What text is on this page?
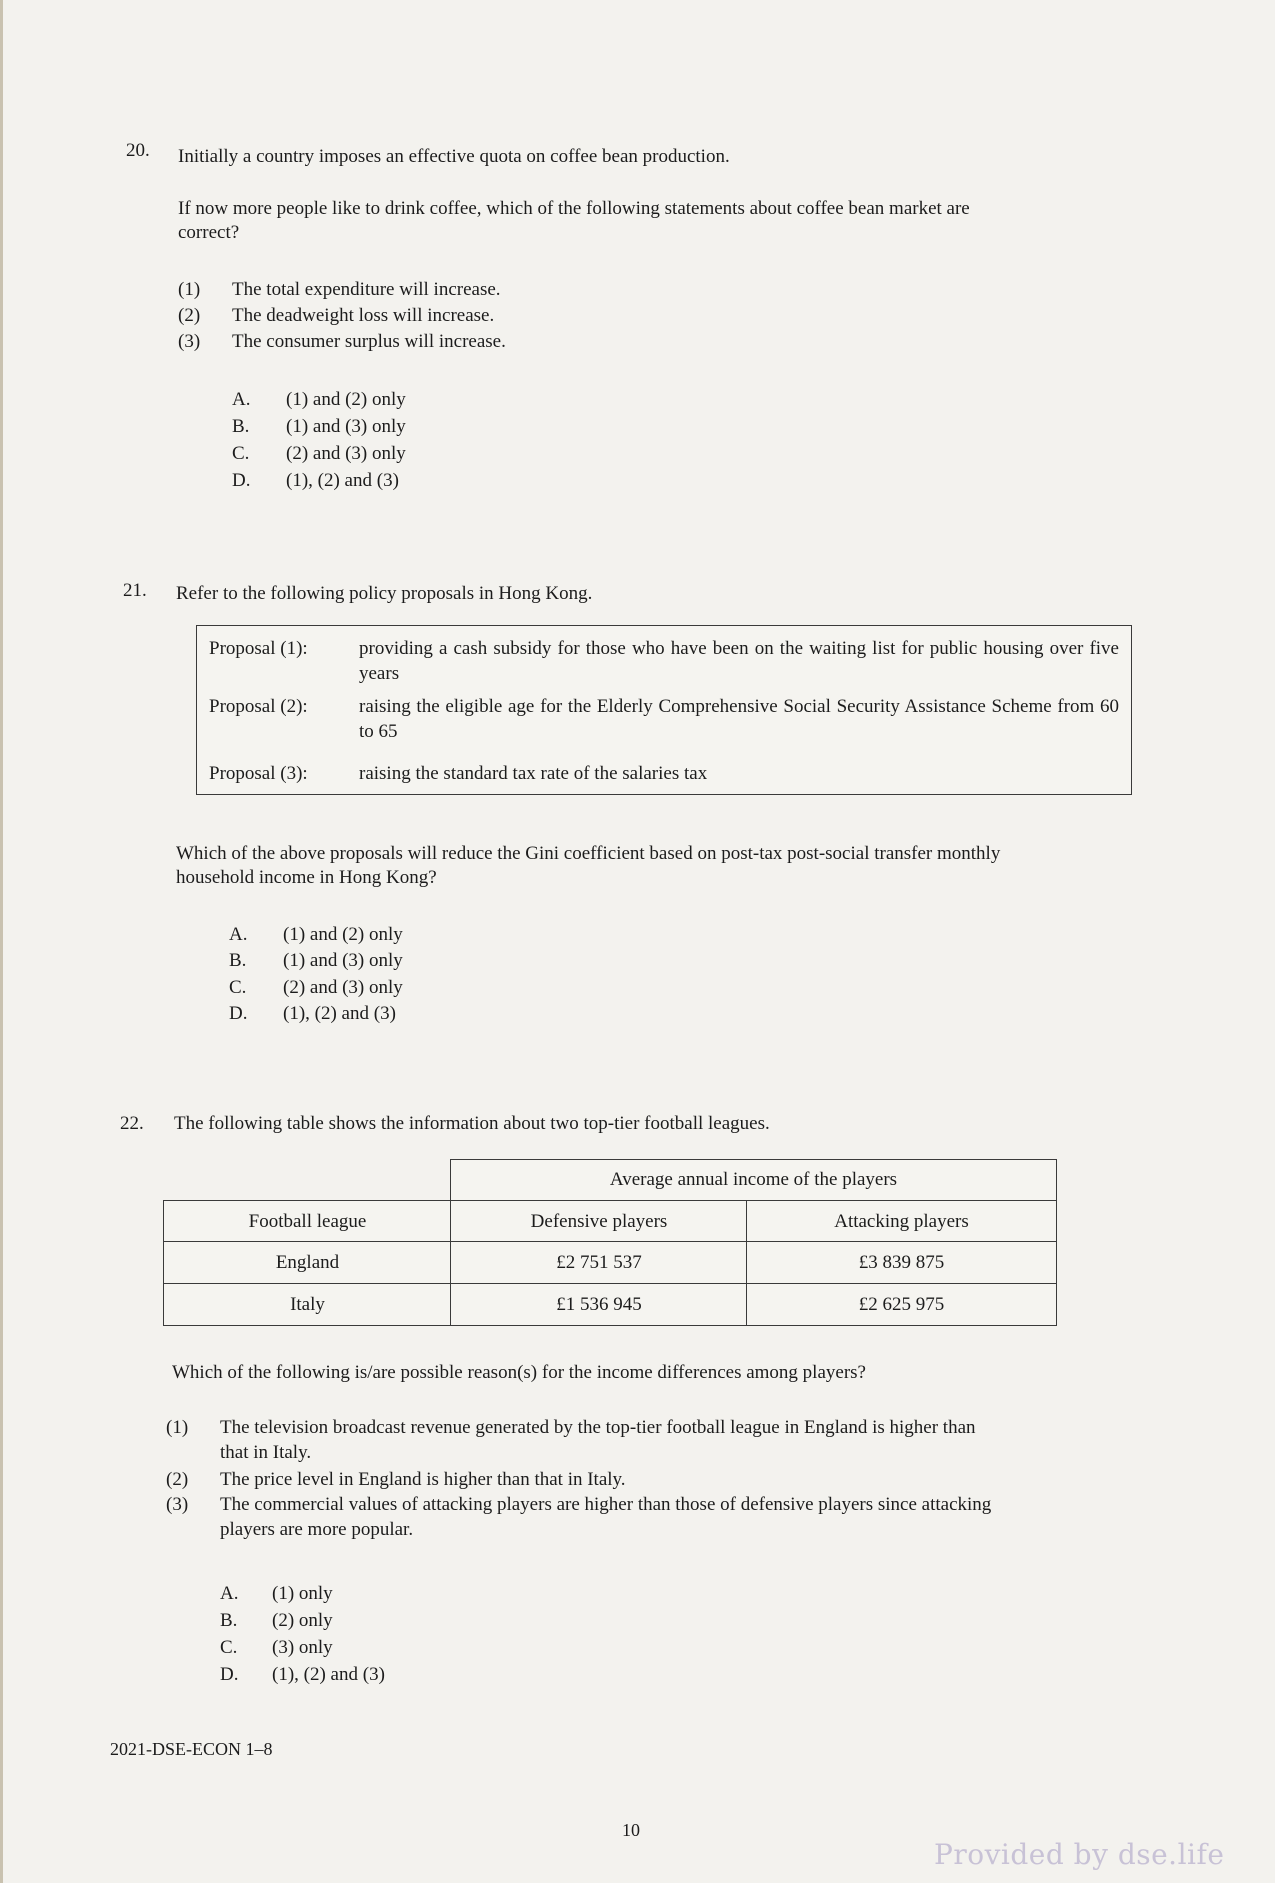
20. Initially a country imposes an effective quota on coffee bean production.
If now more people like to drink coffee, which of the following statements about coffee bean market are
correct?
(1)	The total expenditure will increase.
(2)	The deadweight loss will increase.
(3)	The consumer surplus will increase.
A.	(1) and (2) only
B.	(1) and (3) only
C.	(2) and (3) only
D.	(1), (2) and (3)
21. Refer to the following policy proposals in Hong Kong.
Proposal (1):	providing a cash subsidy for those who have been on the waiting list for public housing over five years
Proposal (2):	raising the eligible age for the Elderly Comprehensive Social Security Assistance Scheme from 60 to 65
Proposal (3):	raising the standard tax rate of the salaries tax
Which of the above proposals will reduce the Gini coefficient based on post-tax post-social transfer monthly
household income in Hong Kong?
A.	(1) and (2) only
B.	(1) and (3) only
C.	(2) and (3) only
D.	(1), (2) and (3)
22. The following table shows the information about two top-tier football leagues.
Average annual income of the players
Football league	Defensive players	Attacking players
England	£2 751 537	£3 839 875
Italy	£1 536 945	£2 625 975
Which of the following is/are possible reason(s) for the income differences among players?
(1)	The television broadcast revenue generated by the top-tier football league in England is higher than
that in Italy.
(2)	The price level in England is higher than that in Italy.
(3)	The commercial values of attacking players are higher than those of defensive players since attacking
players are more popular.
A.	(1) only
B.	(2) only
C.	(3) only
D.	(1), (2) and (3)
2021-DSE-ECON 1–8
10
Provided by dse.life
